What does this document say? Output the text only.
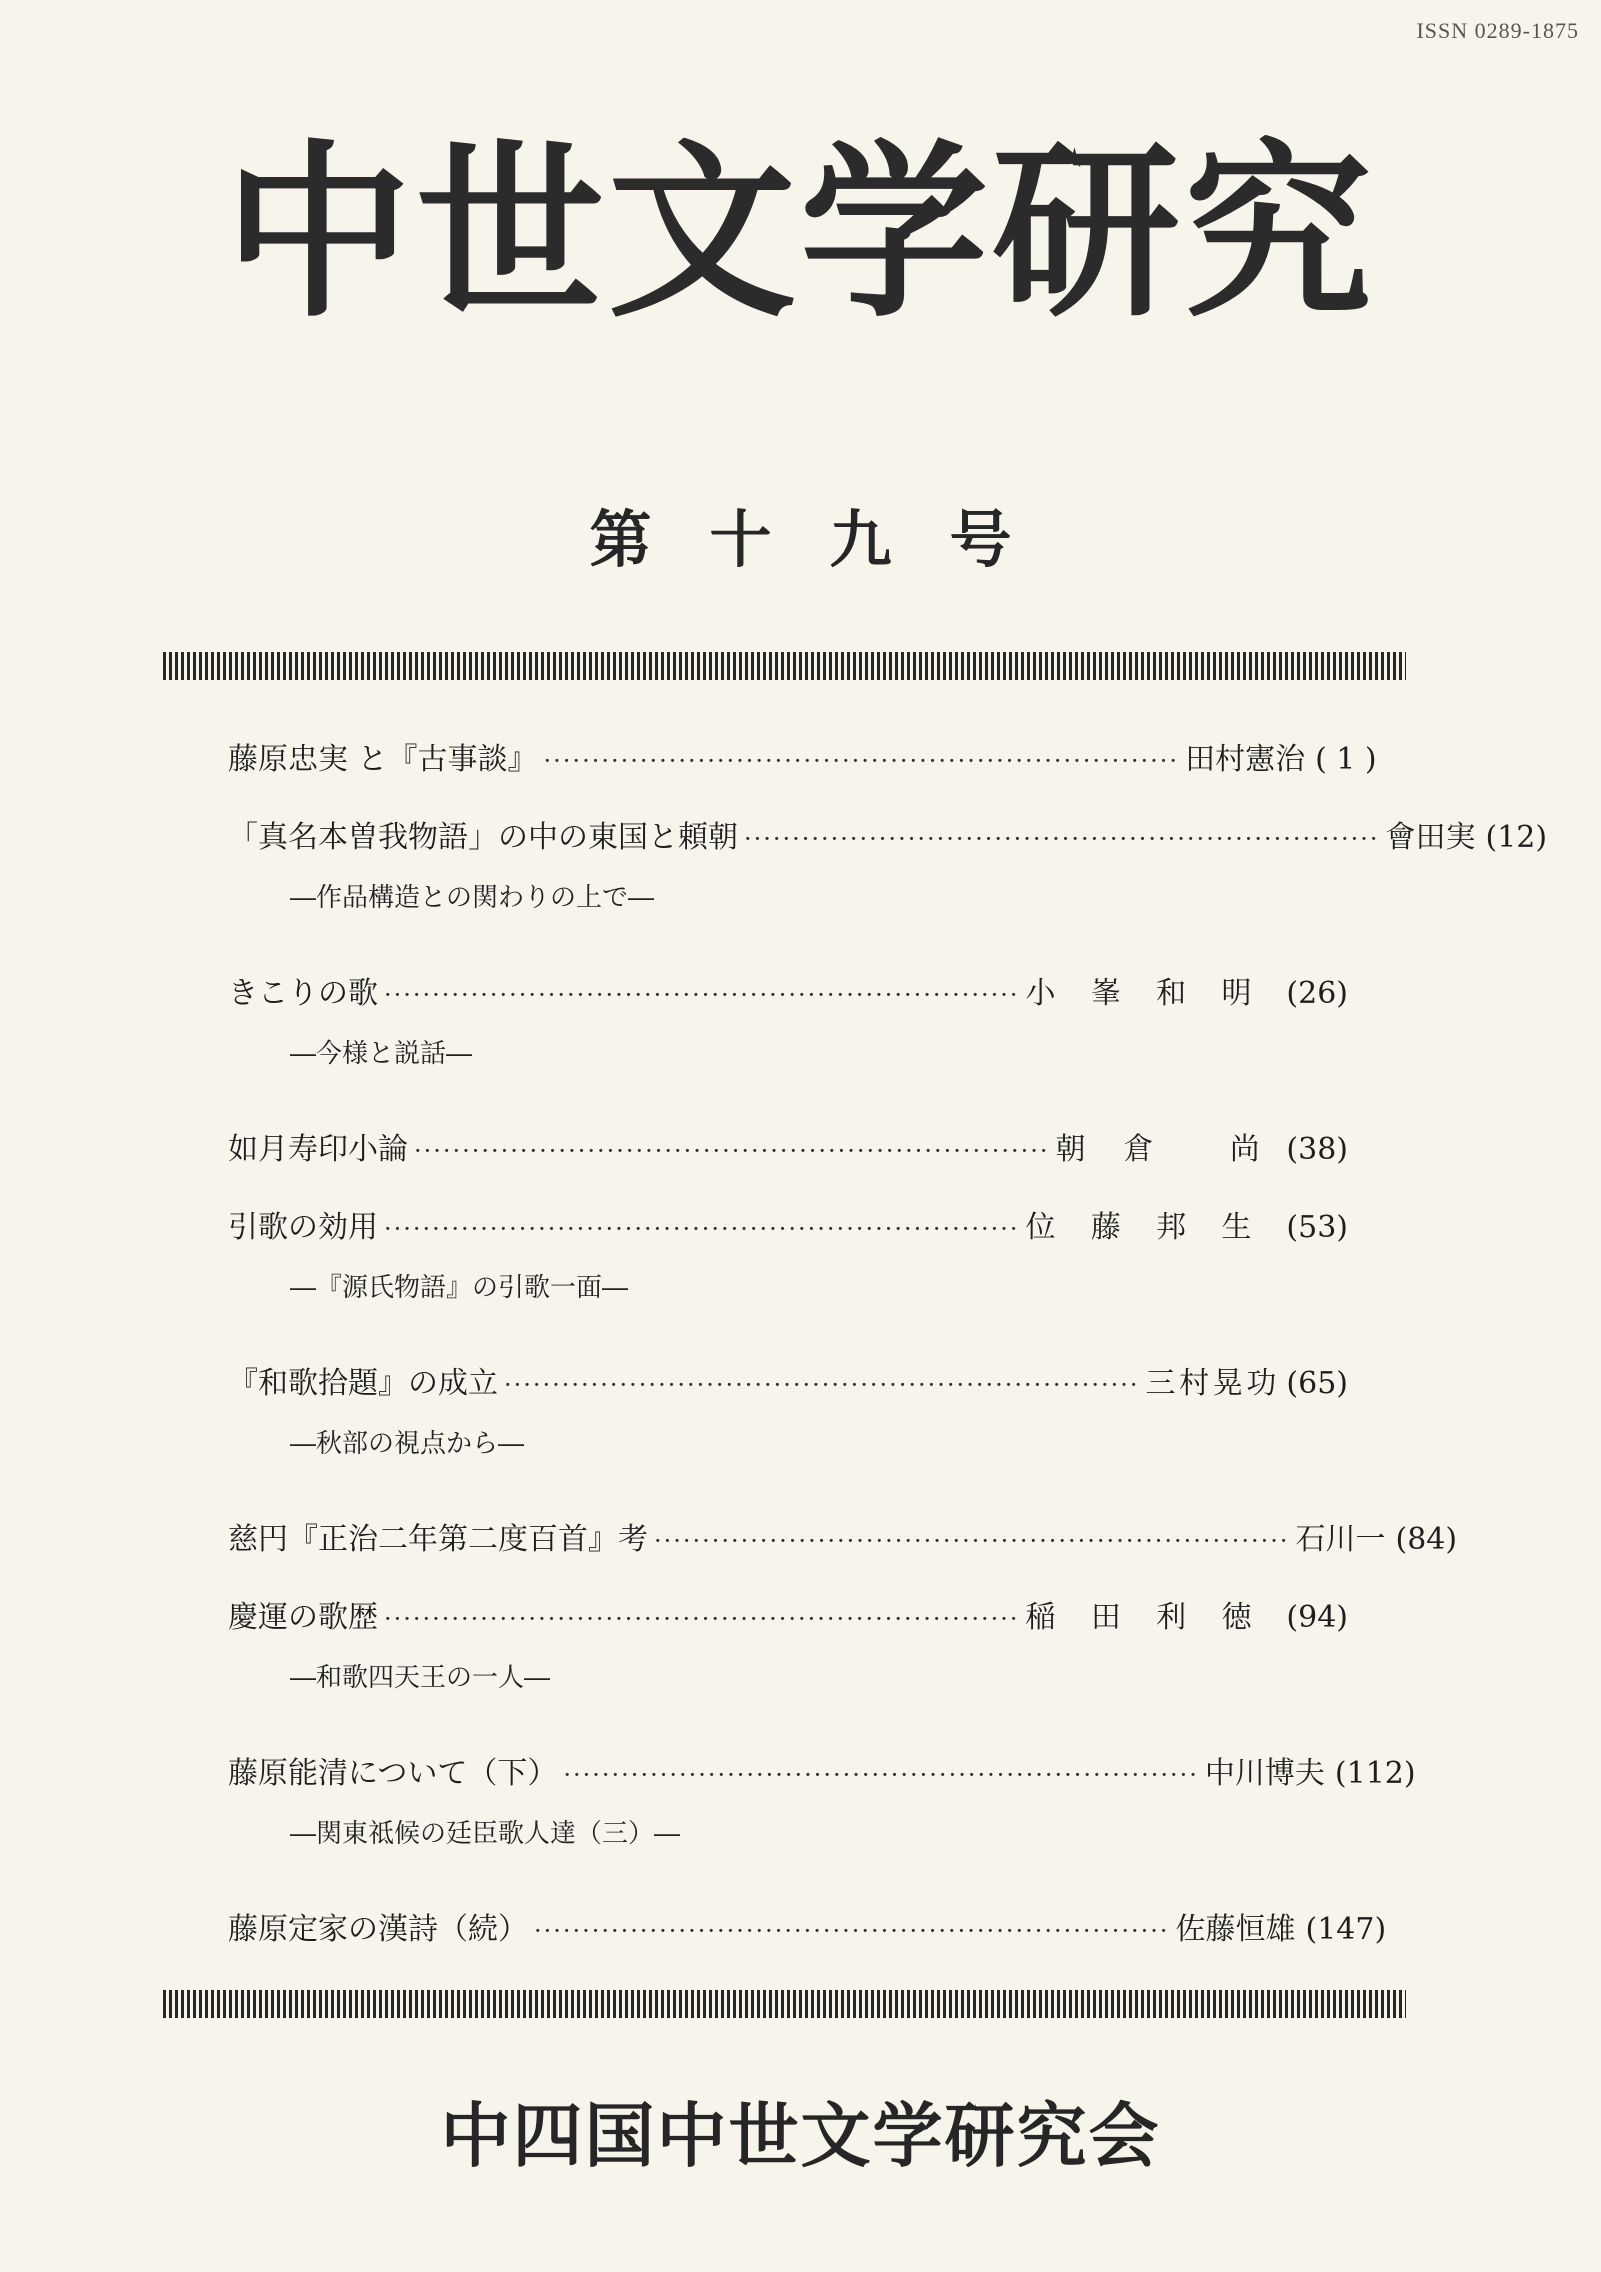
ISSN 0289-1875
中世文学研究
第十九号
藤原忠実 と『古事談』 ·································································· 田 村 憲 治 ( 1 )
「真名本曽我物語」の中の東国と頼朝 ·································································· 會 田 実 (12)
―作品構造との関わりの上で―
きこりの歌 ·································································· 小 峯 和 明	(26)
―今様と説話―
如月寿印小論 ·································································· 朝 倉	尚 (38)
引歌の効用 ·································································· 位 藤 邦 生	(53)
―『源氏物語』の引歌一面―
『和歌拾題』の成立 ·································································· 三 村 晃 功 (65)
―秋部の視点から―
慈円『正治二年第二度百首』考 ·································································· 石 川 一 (84)
慶運の歌歴 ·································································· 稲 田 利 徳	(94)
―和歌四天王の一人―
藤原能清について（下） ·································································· 中 川 博 夫 (112)
―関東祗候の廷臣歌人達（三）―
藤原定家の漢詩（続） ·································································· 佐 藤 恒 雄 (147)
中四国中世文学研究会
